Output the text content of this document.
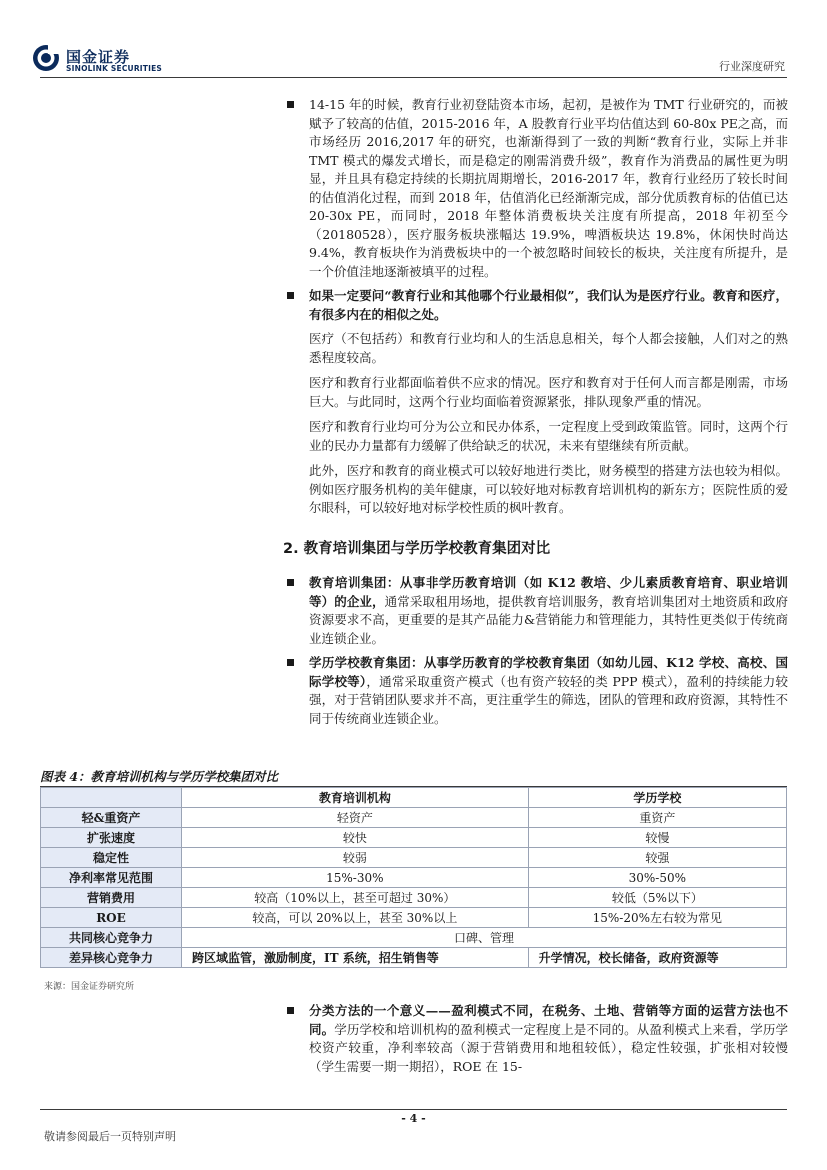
国金证券
SINOLINK SECURITIES	行业深度研究
14-15 年的时候，教育行业初登陆资本市场，起初，是被作为 TMT 行业研究的，而被赋予了较高的估值，2015-2016 年，A 股教育行业平均估值达到 60-80x PE之高，而市场经历 2016,2017 年的研究，也渐渐得到了一致的判断“教育行业，实际上并非 TMT 模式的爆发式增长，而是稳定的刚需消费升级”，教育作为消费品的属性更为明显，并且具有稳定持续的长期抗周期增长，2016-2017 年，教育行业经历了较长时间的估值消化过程，而到 2018 年，估值消化已经渐渐完成，部分优质教育标的估值已达 20-30x PE，而同时，2018 年整体消费板块关注度有所提高，2018 年初至今（20180528），医疗服务板块涨幅达 19.9%，啤酒板块达 19.8%，休闲快时尚达 9.4%，教育板块作为消费板块中的一个被忽略时间较长的板块，关注度有所提升，是一个价值洼地逐渐被填平的过程。
如果一定要问“教育行业和其他哪个行业最相似”，我们认为是医疗行业。教育和医疗，有很多内在的相似之处。
医疗（不包括药）和教育行业均和人的生活息息相关，每个人都会接触，人们对之的熟悉程度较高。
医疗和教育行业都面临着供不应求的情况。医疗和教育对于任何人而言都是刚需，市场巨大。与此同时，这两个行业均面临着资源紧张，排队现象严重的情况。
医疗和教育行业均可分为公立和民办体系，一定程度上受到政策监管。同时，这两个行业的民办力量都有力缓解了供给缺乏的状况，未来有望继续有所贡献。
此外，医疗和教育的商业模式可以较好地进行类比，财务模型的搭建方法也较为相似。例如医疗服务机构的美年健康，可以较好地对标教育培训机构的新东方；医院性质的爱尔眼科，可以较好地对标学校性质的枫叶教育。
2. 教育培训集团与学历学校教育集团对比
教育培训集团：从事非学历教育培训（如 K12 教培、少儿素质教育培育、职业培训等）的企业，通常采取租用场地，提供教育培训服务，教育培训集团对土地资质和政府资源要求不高，更重要的是其产品能力&营销能力和管理能力，其特性更类似于传统商业连锁企业。
学历学校教育集团：从事学历教育的学校教育集团（如幼儿园、K12 学校、高校、国际学校等），通常采取重资产模式（也有资产较轻的类 PPP 模式），盈利的持续能力较强，对于营销团队要求并不高，更注重学生的筛选，团队的管理和政府资源，其特性不同于传统商业连锁企业。
图表 4：教育培训机构与学历学校集团对比
	教育培训机构	学历学校
轻&重资产	轻资产	重资产
扩张速度	较快	较慢
稳定性	较弱	较强
净利率常见范围	15%-30%	30%-50%
营销费用	较高（10%以上，甚至可超过 30%）	较低（5%以下）
ROE	较高，可以 20%以上，甚至 30%以上	15%-20%左右较为常见
共同核心竞争力	口碑、管理	
差异核心竞争力	跨区域监管，激励制度，IT 系统，招生销售等	升学情况，校长储备，政府资源等
来源：国金证券研究所
分类方法的一个意义——盈利模式不同，在税务、土地、营销等方面的运营方法也不同。学历学校和培训机构的盈利模式一定程度上是不同的。从盈利模式上来看，学历学校资产较重，净利率较高（源于营销费用和地租较低），稳定性较强，扩张相对较慢（学生需要一期一期招），ROE 在 15-
- 4 -
敬请参阅最后一页特别声明
